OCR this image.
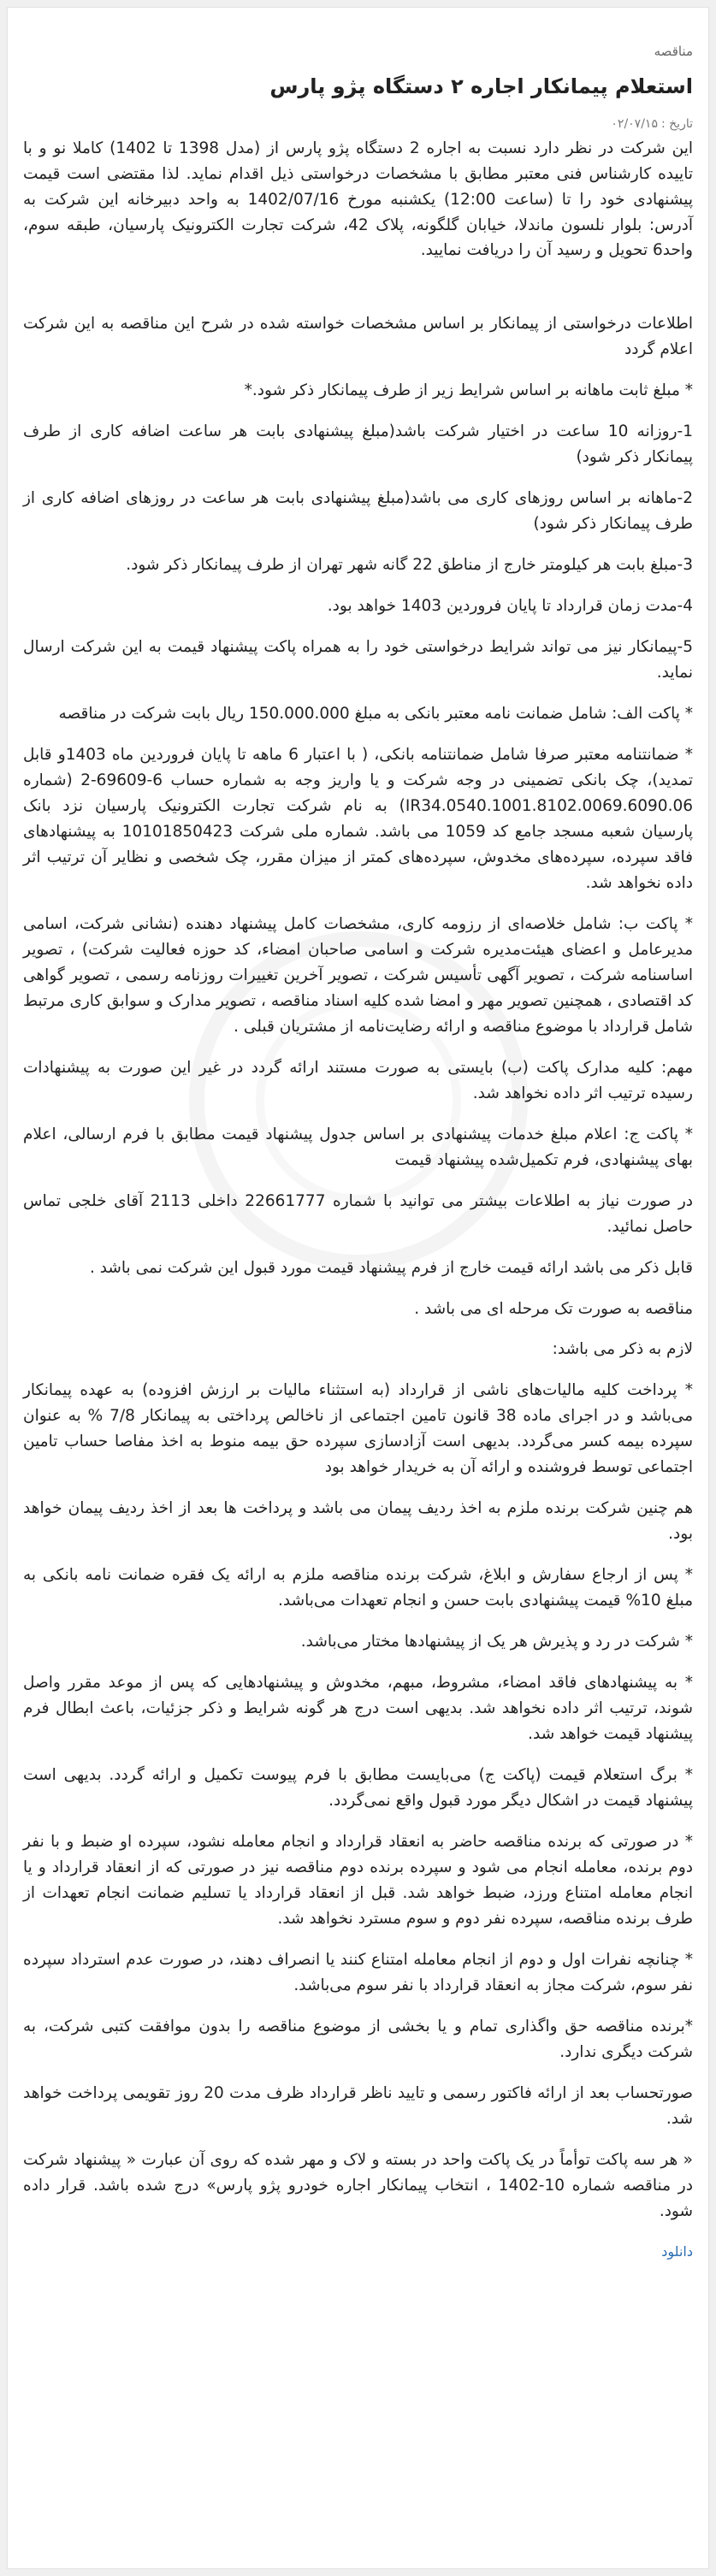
مناقصه
استعلام پیمانکار اجاره ۲ دستگاه پژو پارس
تاریخ :۰۲/۰۷/۱۵

این شرکت در نظر دارد نسبت به اجاره 2 دستگاه پژو پارس از (مدل 1398 تا 1402) کاملا نو و با تاییده کارشناس فنی معتبر مطابق با مشخصات درخواستی ذیل اقدام نماید. لذا مقتضی است قیمت پیشنهادی خود را تا (ساعت 12:00) یکشنبه مورخ 1402/07/16 به واحد دبیرخانه این شرکت به آدرس: بلوار نلسون ماندلا، خیابان گلگونه، پلاک 42، شرکت تجارت الکترونیک پارسیان، طبقه سوم، واحد6 تحویل و رسید آن را دریافت نمایید.

اطلاعات درخواستی از پیمانکار بر اساس مشخصات خواسته شده در شرح این مناقصه به این شرکت اعلام گردد

* مبلغ ثابت ماهانه بر اساس شرایط زیر از طرف پیمانکار ذکر شود.*

1-روزانه 10 ساعت در اختیار شرکت باشد(مبلغ پیشنهادی بابت هر ساعت اضافه کاری از طرف پیمانکار ذکر شود)

2-ماهانه بر اساس روزهای کاری می باشد(مبلغ پیشنهادی بابت هر ساعت در روزهای اضافه کاری از طرف پیمانکار ذکر شود)

3-مبلغ بابت هر کیلومتر خارج از مناطق 22 گانه شهر تهران از طرف پیمانکار ذکر شود.

4-مدت زمان قرارداد تا پایان فروردین 1403 خواهد بود.

5-پیمانکار نیز می تواند شرایط درخواستی خود را به همراه پاکت پیشنهاد قیمت به این شرکت ارسال نماید.

* پاکت الف: شامل ضمانت نامه معتبر بانکی به مبلغ 150.000.000 ریال بابت شرکت در مناقصه

* ضمانتنامه معتبر صرفا شامل ضمانتنامه بانکی، ( با اعتبار 6 ماهه تا پایان فروردین ماه 1403و قابل تمدید)، چک بانکی تضمینی در وجه شرکت و یا واریز وجه به شماره حساب 6-69609-2 (شماره IR34.0540.1001.8102.0069.6090.06) به نام شرکت تجارت الکترونیک پارسیان نزد بانک پارسیان شعبه مسجد جامع کد 1059 می باشد. شماره ملی شرکت 10101850423 به پیشنهادهای فاقد سپرده، سپرده‌های مخدوش، سپرده‌های کمتر از میزان مقرر، چک شخصی و نظایر آن ترتیب اثر داده نخواهد شد.

* پاکت ب: شامل خلاصه‌ای از رزومه کاری، مشخصات کامل پیشنهاد دهنده (نشانی شرکت، اسامی مدیرعامل و اعضای هیئت‌مدیره شرکت و اسامی صاحبان امضاء، کد حوزه فعالیت شرکت) ، تصویر اساسنامه شرکت ، تصویر آگهی تأسیس شرکت ، تصویر آخرین تغییرات روزنامه رسمی ، تصویر گواهی کد اقتصادی ، همچنین تصویر مهر و امضا شده کلیه اسناد مناقصه ، تصویر مدارک و سوابق کاری مرتبط شامل قرارداد با موضوع مناقصه و ارائه رضایت‌نامه از مشتریان قبلی .

مهم: کلیه مدارک پاکت (ب) بایستی به صورت مستند ارائه گردد در غیر این صورت به پیشنهادات رسیده ترتیب اثر داده نخواهد شد.

* پاکت ج: اعلام مبلغ خدمات پیشنهادی بر اساس جدول پیشنهاد قیمت مطابق با فرم ارسالی، اعلام بهای پیشنهادی، فرم تکمیل‌شده پیشنهاد قیمت

در صورت نیاز به اطلاعات بیشتر می توانید با شماره 22661777 داخلی 2113 آقای خلجی تماس حاصل نمائید.

قابل ذکر می باشد ارائه قیمت خارج از فرم پیشنهاد قیمت مورد قبول این شرکت نمی باشد .

مناقصه به صورت تک مرحله ای می باشد .

لازم به ذکر می باشد:

* پرداخت کلیه مالیات‌های ناشی از قرارداد (به استثناء مالیات بر ارزش افزوده) به عهده پیمانکار می‌باشد و در اجرای ماده 38 قانون تامین اجتماعی از ناخالص پرداختی به پیمانکار 7/8 % به عنوان سپرده بیمه کسر می‌گردد. بدیهی است آزادسازی سپرده حق بیمه منوط به اخذ مفاصا حساب تامین اجتماعی توسط فروشنده و ارائه آن به خریدار خواهد بود

هم چنین شرکت برنده ملزم به اخذ ردیف پیمان می باشد و پرداخت ها بعد از اخذ ردیف پیمان خواهد بود.

* پس از ارجاع سفارش و ابلاغ، شرکت برنده مناقصه ملزم به ارائه یک فقره ضمانت نامه بانکی به مبلغ 10% قیمت پیشنهادی بابت حسن و انجام تعهدات می‌باشد.

* شرکت در رد و پذیرش هر یک از پیشنهادها مختار می‌باشد.

* به پیشنهادهای فاقد امضاء، مشروط، مبهم، مخدوش و پیشنهادهایی که پس از موعد مقرر واصل شوند، ترتیب اثر داده نخواهد شد. بدیهی است درج هر گونه شرایط و ذکر جزئیات، باعث ابطال فرم پیشنهاد قیمت خواهد شد.

* برگ استعلام قیمت (پاکت ج) می‌بایست مطابق با فرم پیوست تکمیل و ارائه گردد. بدیهی است پیشنهاد قیمت در اشکال دیگر مورد قبول واقع نمی‌گردد.

* در صورتی که برنده مناقصه حاضر به انعقاد قرارداد و انجام معامله نشود، سپرده او ضبط و با نفر دوم برنده، معامله انجام می شود و سپرده برنده دوم مناقصه نیز در صورتی که از انعقاد قرارداد و یا انجام معامله امتناع ورزد، ضبط خواهد شد. قبل از انعقاد قرارداد یا تسلیم ضمانت انجام تعهدات از طرف برنده مناقصه، سپرده نفر دوم و سوم مسترد نخواهد شد.

* چنانچه نفرات اول و دوم از انجام معامله امتناع کنند یا انصراف دهند، در صورت عدم استرداد سپرده نفر سوم، شرکت مجاز به انعقاد قرارداد با نفر سوم می‌باشد.

*برنده مناقصه حق واگذاری تمام و یا بخشی از موضوع مناقصه را بدون موافقت کتبی شرکت، به شرکت دیگری ندارد.

صورتحساب بعد از ارائه فاکتور رسمی و تایید ناظر قرارداد ظرف مدت 20 روز تقویمی پرداخت خواهد شد.

« هر سه پاکت توأماً در یک پاکت واحد در بسته و لاک و مهر شده که روی آن عبارت « پیشنهاد شرکت در مناقصه شماره 10-1402 ، انتخاب پیمانکار اجاره خودرو پژو پارس» درج شده باشد. قرار داده شود.

دانلود
